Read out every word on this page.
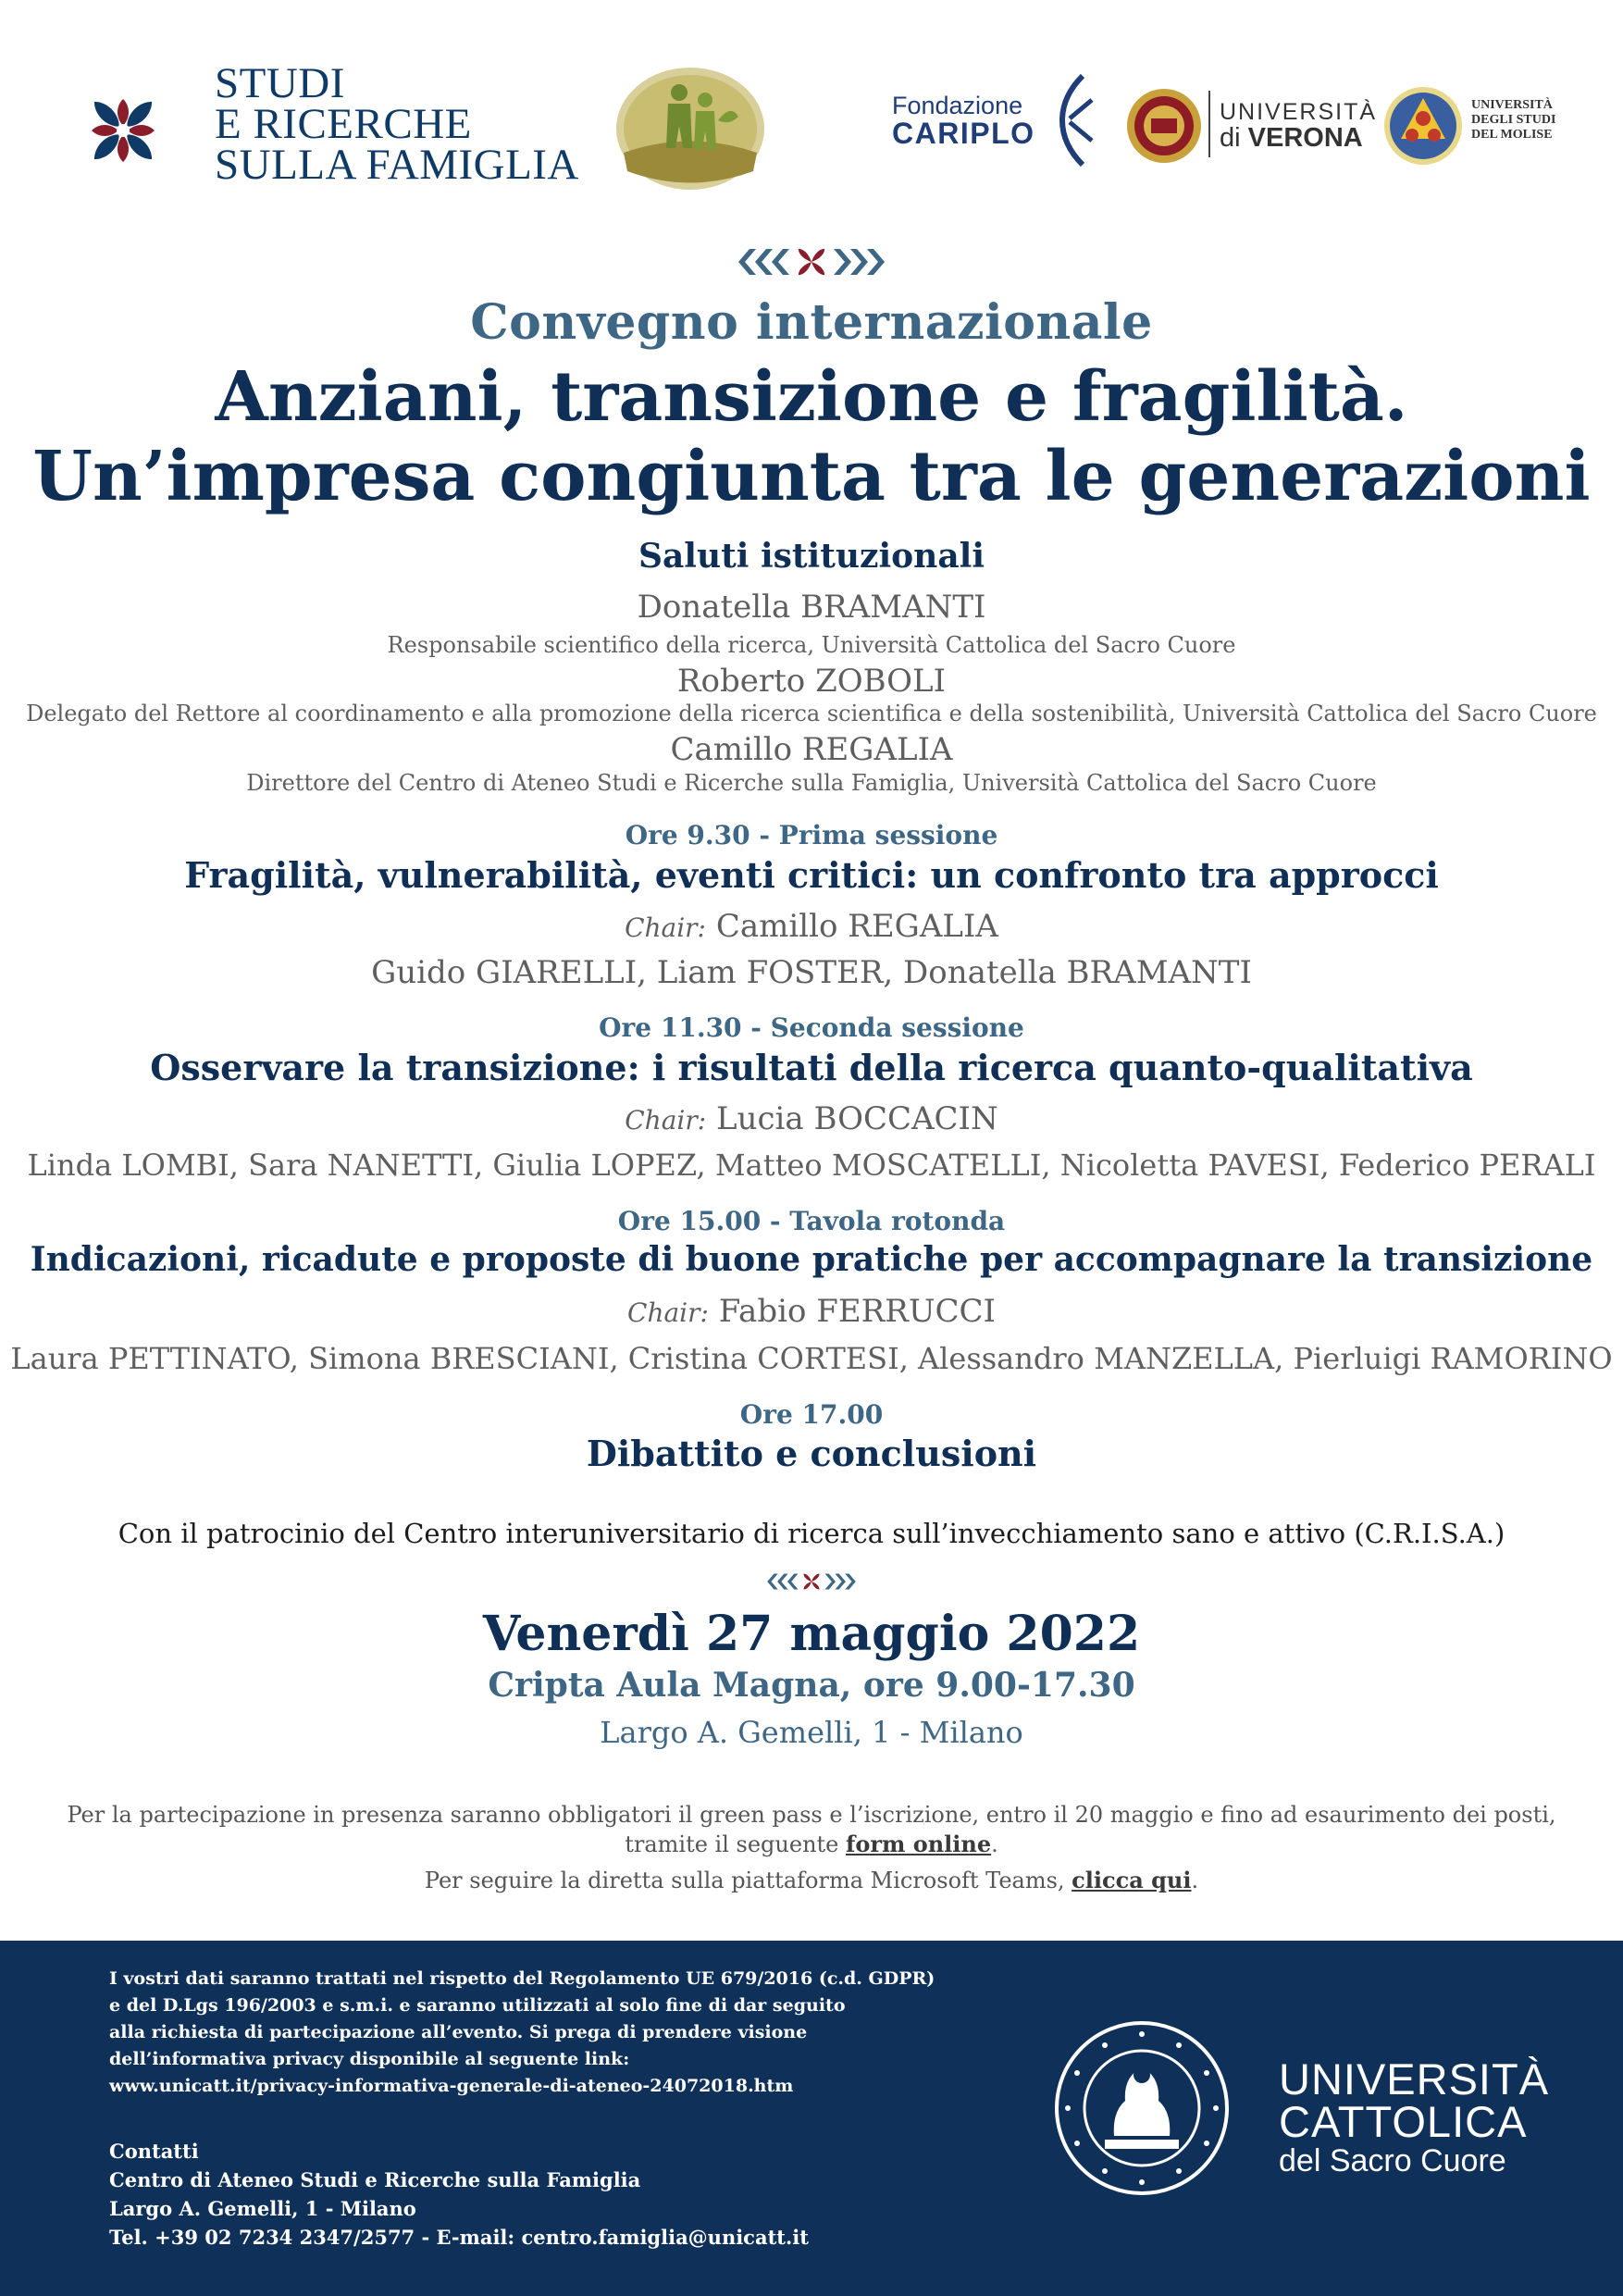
STUDI
E RICERCHE
SULLA FAMIGLIA
Fondazione
CARIPLO
UNIVERSITÀ
di VERONA
UNIVERSITÀ
DEGLI STUDI
DEL MOLISE
Convegno internazionale
Anziani, transizione e fragilità.
Un’impresa congiunta tra le generazioni
Saluti istituzionali
Donatella BRAMANTI
Responsabile scientifico della ricerca, Università Cattolica del Sacro Cuore
Roberto ZOBOLI
Delegato del Rettore al coordinamento e alla promozione della ricerca scientifica e della sostenibilità, Università Cattolica del Sacro Cuore
Camillo REGALIA
Direttore del Centro di Ateneo Studi e Ricerche sulla Famiglia, Università Cattolica del Sacro Cuore
Ore 9.30 - Prima sessione
Fragilità, vulnerabilità, eventi critici: un confronto tra approcci
Chair: Camillo REGALIA
Guido GIARELLI, Liam FOSTER, Donatella BRAMANTI
Ore 11.30 - Seconda sessione
Osservare la transizione: i risultati della ricerca quanto-qualitativa
Chair: Lucia BOCCACIN
Linda LOMBI, Sara NANETTI, Giulia LOPEZ, Matteo MOSCATELLI, Nicoletta PAVESI, Federico PERALI
Ore 15.00 - Tavola rotonda
Indicazioni, ricadute e proposte di buone pratiche per accompagnare la transizione
Chair: Fabio FERRUCCI
Laura PETTINATO, Simona BRESCIANI, Cristina CORTESI, Alessandro MANZELLA, Pierluigi RAMORINO
Ore 17.00
Dibattito e conclusioni
Con il patrocinio del Centro interuniversitario di ricerca sull’invecchiamento sano e attivo (C.R.I.S.A.)
Venerdì 27 maggio 2022
Cripta Aula Magna, ore 9.00-17.30
Largo A. Gemelli, 1 - Milano
Per la partecipazione in presenza saranno obbligatori il green pass e l’iscrizione, entro il 20 maggio e fino ad esaurimento dei posti,
tramite il seguente form online.
Per seguire la diretta sulla piattaforma Microsoft Teams, clicca qui.
I vostri dati saranno trattati nel rispetto del Regolamento UE 679/2016 (c.d. GDPR)
e del D.Lgs 196/2003 e s.m.i. e saranno utilizzati al solo fine di dar seguito
alla richiesta di partecipazione all’evento. Si prega di prendere visione
dell’informativa privacy disponibile al seguente link:
www.unicatt.it/privacy-informativa-generale-di-ateneo-24072018.htm
Contatti
Centro di Ateneo Studi e Ricerche sulla Famiglia
Largo A. Gemelli, 1 - Milano
Tel. +39 02 7234 2347/2577 - E-mail: centro.famiglia@unicatt.it
UNIVERSITÀ
CATTOLICA
del Sacro Cuore
